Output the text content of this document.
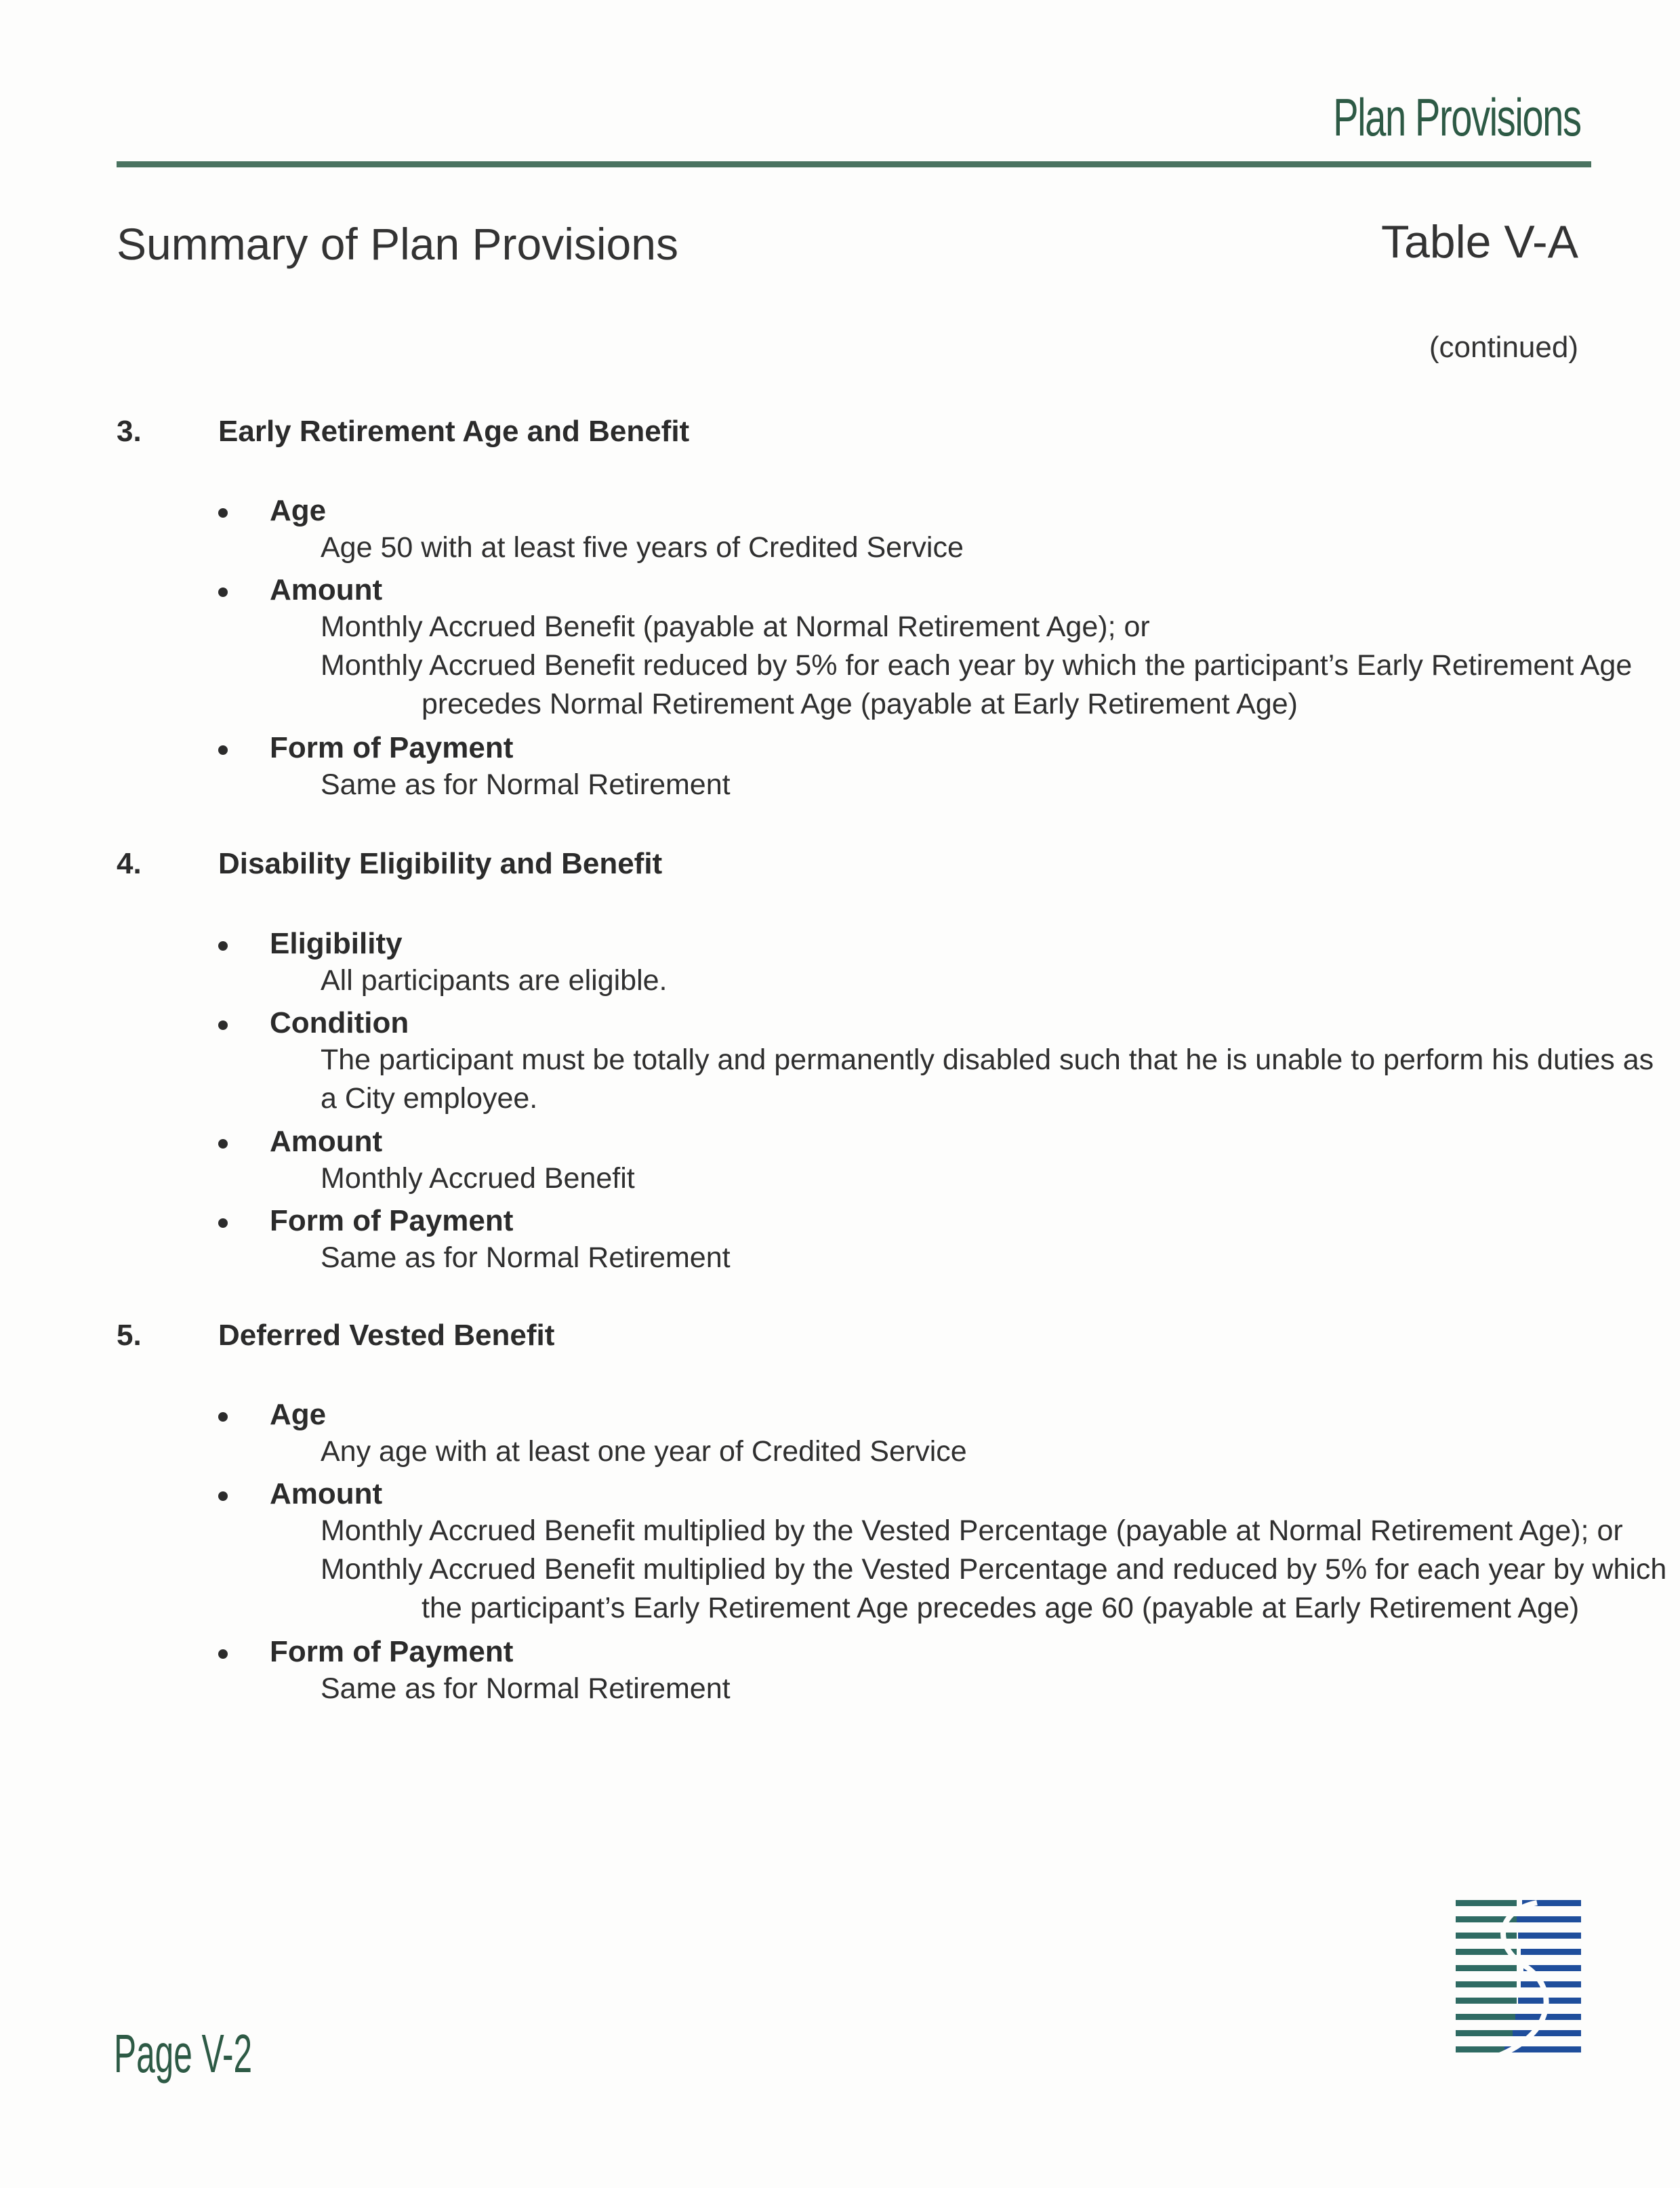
Plan Provisions
Summary of Plan Provisions	Table V-A
(continued)
3.	Early Retirement Age and Benefit
Age
Age 50 with at least five years of Credited Service
Amount
Monthly Accrued Benefit (payable at Normal Retirement Age); or
Monthly Accrued Benefit reduced by 5% for each year by which the participant’s Early Retirement Age
precedes Normal Retirement Age (payable at Early Retirement Age)
Form of Payment
Same as for Normal Retirement
4.	Disability Eligibility and Benefit
Eligibility
All participants are eligible.
Condition
The participant must be totally and permanently disabled such that he is unable to perform his duties as
a City employee.
Amount
Monthly Accrued Benefit
Form of Payment
Same as for Normal Retirement
5.	Deferred Vested Benefit
Age
Any age with at least one year of Credited Service
Amount
Monthly Accrued Benefit multiplied by the Vested Percentage (payable at Normal Retirement Age); or
Monthly Accrued Benefit multiplied by the Vested Percentage and reduced by 5% for each year by which
the participant’s Early Retirement Age precedes age 60 (payable at Early Retirement Age)
Form of Payment
Same as for Normal Retirement
Page V-2
